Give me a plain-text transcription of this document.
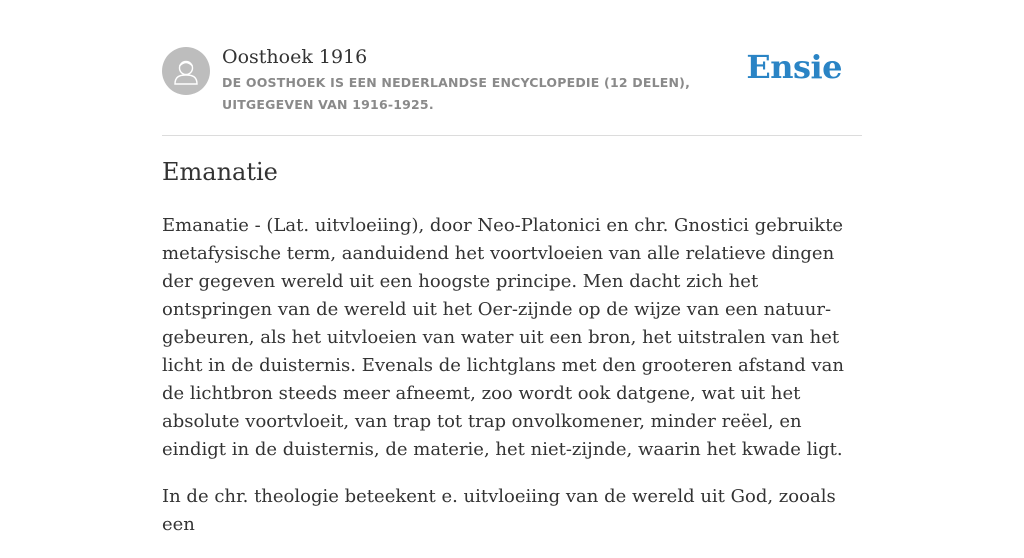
Oosthoek 1916
DE OOSTHOEK IS EEN NEDERLANDSE ENCYCLOPEDIE (12 DELEN), UITGEGEVEN VAN 1916-1925.
Ensie
Emanatie

Emanatie - (Lat. uitvloeiing), door Neo-Platonici en chr. Gnostici gebruikte metafysische term, aanduidend het voortvloeien van alle relatieve dingen der gegeven wereld uit een hoogste principe. Men dacht zich het ontspringen van de wereld uit het Oer-zijnde op de wijze van een natuur-gebeuren, als het uitvloeien van water uit een bron, het uitstralen van het licht in de duisternis. Evenals de lichtglans met den grooteren afstand van de lichtbron steeds meer afneemt, zoo wordt ook datgene, wat uit het absolute voortvloeit, van trap tot trap onvolkomener, minder reëel, en eindigt in de duisternis, de materie, het niet-zijnde, waarin het kwade ligt.

In de chr. theologie beteekent e. uitvloeiing van de wereld uit God, zooals een
